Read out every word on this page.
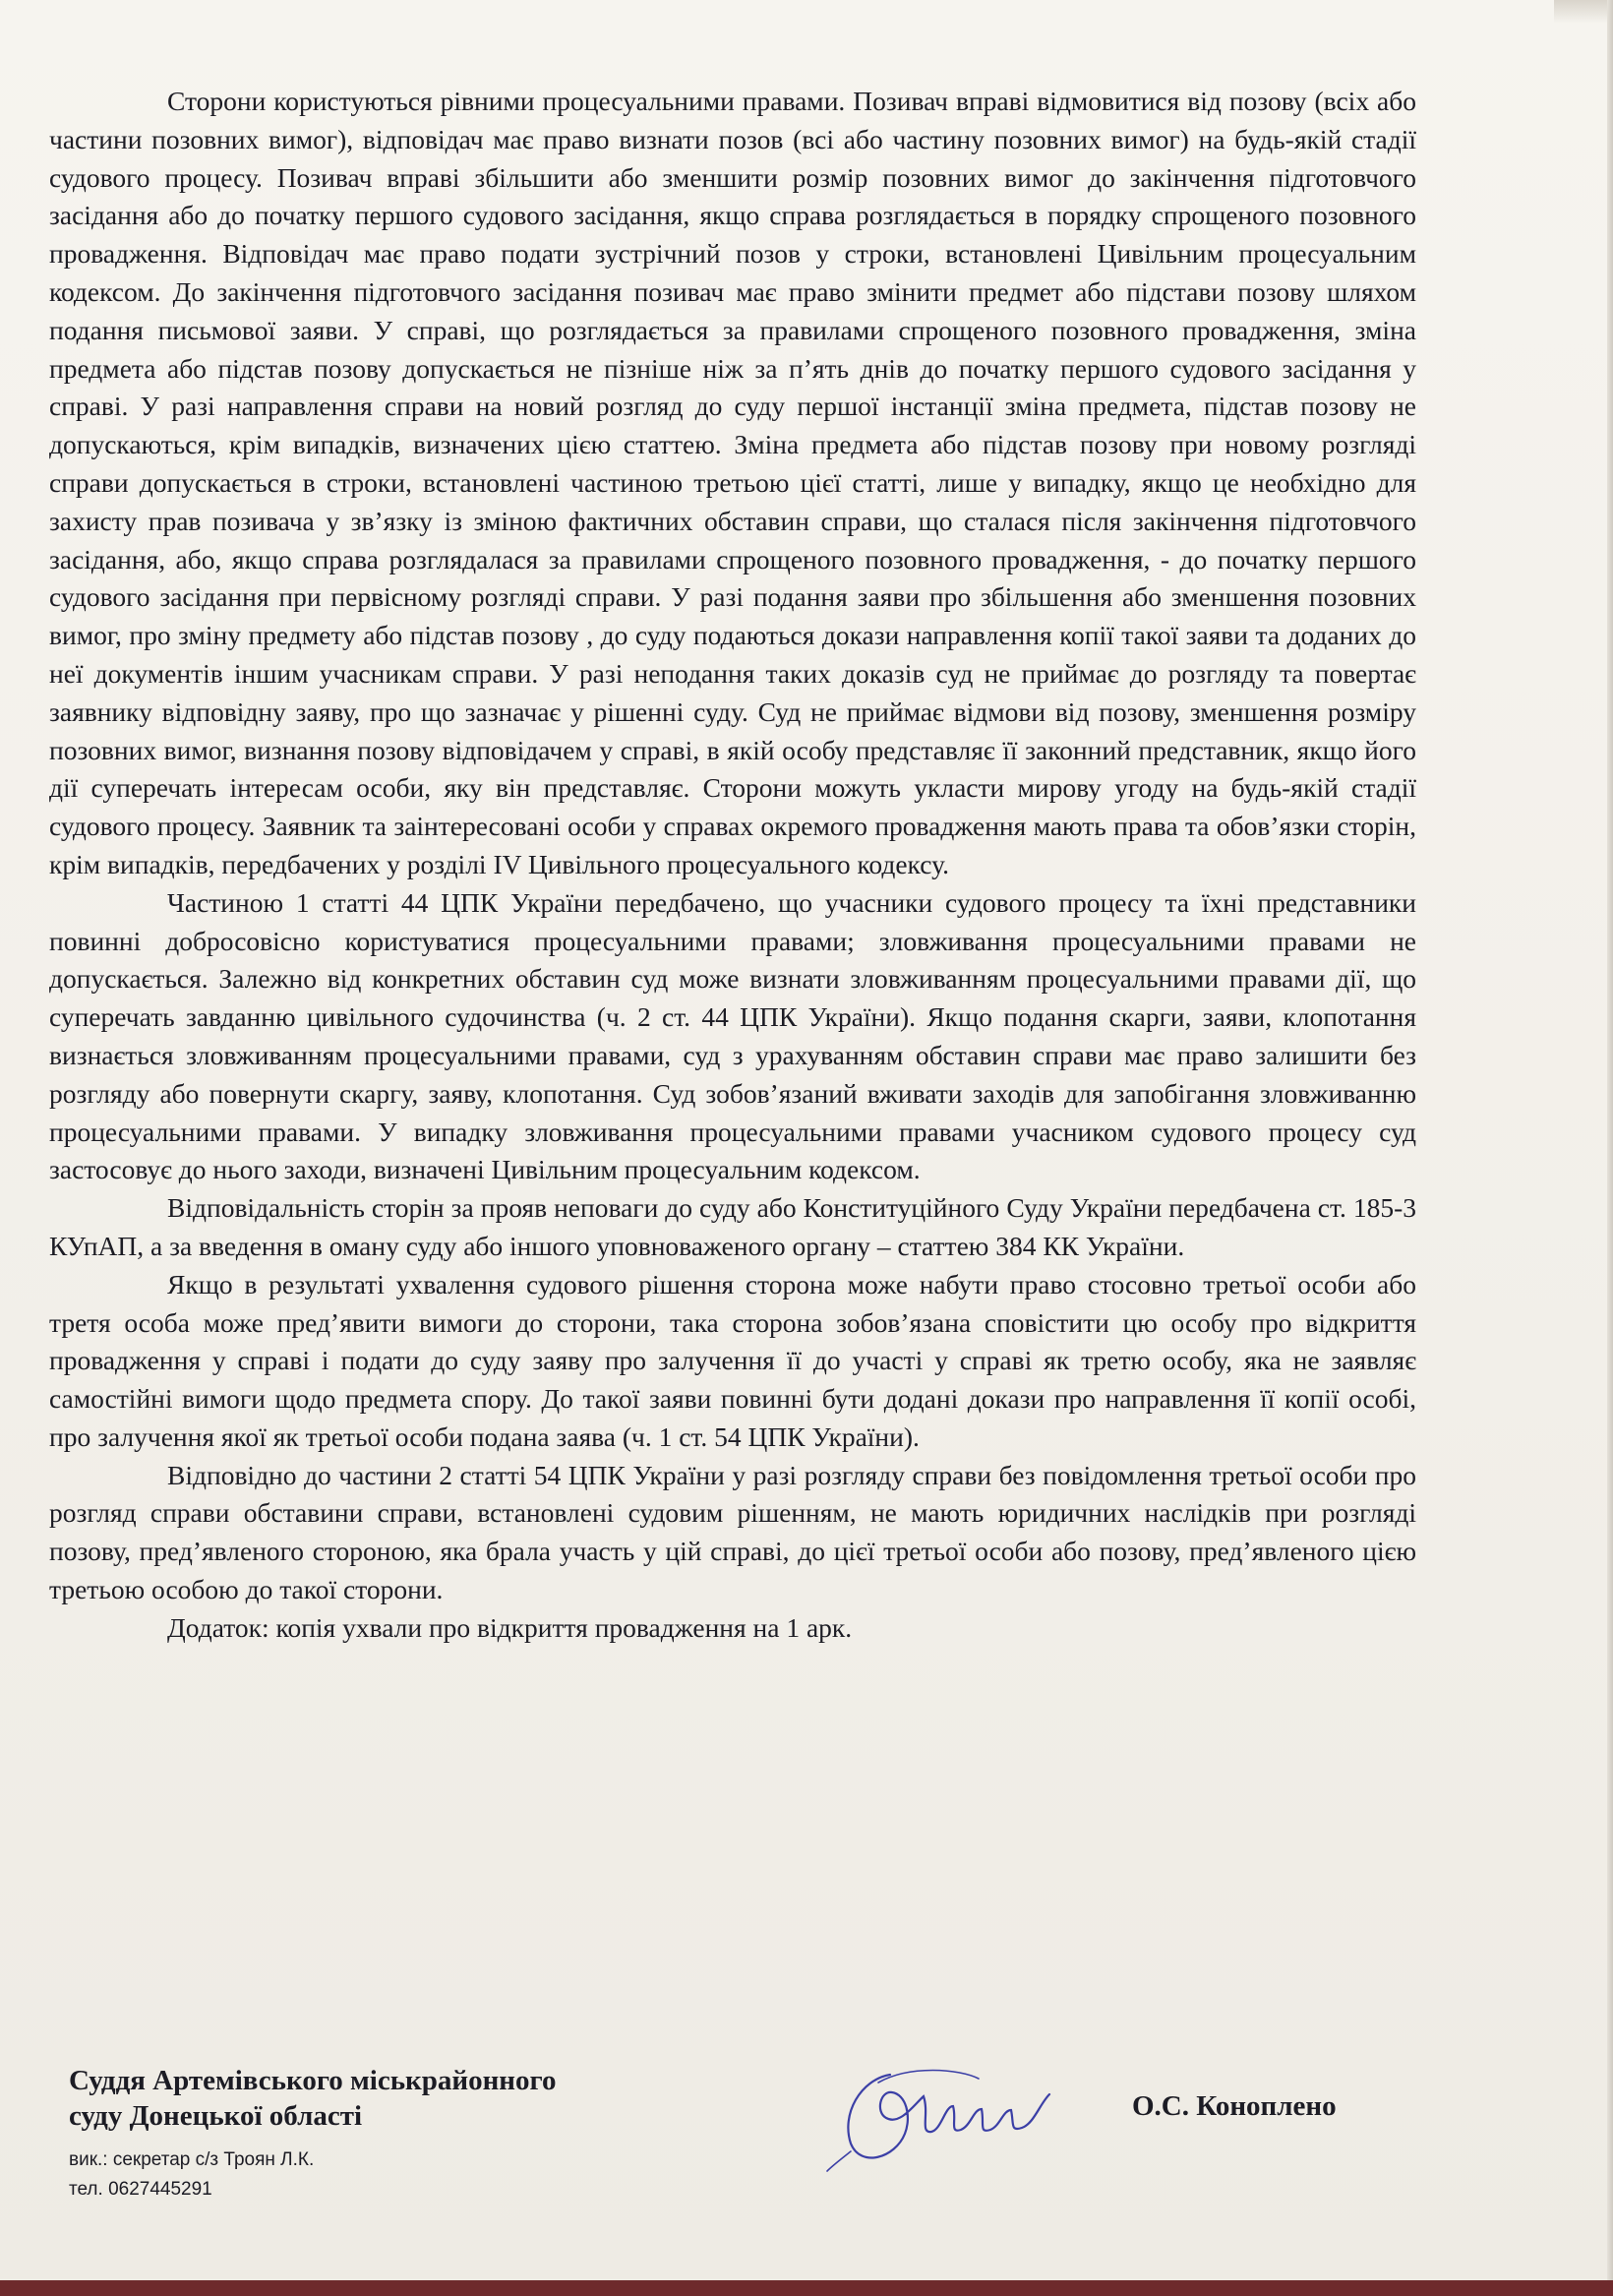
Сторони користуються рівними процесуальними правами. Позивач вправі відмовитися від позову (всіх або частини позовних вимог), відповідач має право визнати позов (всі або частину позовних вимог) на будь-якій стадії судового процесу. Позивач вправі збільшити або зменшити розмір позовних вимог до закінчення підготовчого засідання або до початку першого судового засідання, якщо справа розглядається в порядку спрощеного позовного провадження. Відповідач має право подати зустрічний позов у строки, встановлені Цивільним процесуальним кодексом. До закінчення підготовчого засідання позивач має право змінити предмет або підстави позову шляхом подання письмової заяви. У справі, що розглядається за правилами спрощеного позовного провадження, зміна предмета або підстав позову допускається не пізніше ніж за п’ять днів до початку першого судового засідання у справі. У разі направлення справи на новий розгляд до суду першої інстанції зміна предмета, підстав позову не допускаються, крім випадків, визначених цією статтею. Зміна предмета або підстав позову при новому розгляді справи допускається в строки, встановлені частиною третьою цієї статті, лише у випадку, якщо це необхідно для захисту прав позивача у зв’язку із зміною фактичних обставин справи, що сталася після закінчення підготовчого засідання, або, якщо справа розглядалася за правилами спрощеного позовного провадження, - до початку першого судового засідання при первісному розгляді справи. У разі подання заяви про збільшення або зменшення позовних вимог, про зміну предмету або підстав позову , до суду подаються докази направлення копії такої заяви та доданих до неї документів іншим учасникам справи. У разі неподання таких доказів суд не приймає до розгляду та повертає заявнику відповідну заяву, про що зазначає у рішенні суду. Суд не приймає відмови від позову, зменшення розміру позовних вимог, визнання позову відповідачем у справі, в якій особу представляє її законний представник, якщо його дії суперечать інтересам особи, яку він представляє. Сторони можуть укласти мирову угоду на будь-якій стадії судового процесу. Заявник та заінтересовані особи у справах окремого провадження мають права та обов’язки сторін, крім випадків, передбачених у розділі IV Цивільного процесуального кодексу.

Частиною 1 статті 44 ЦПК України передбачено, що учасники судового процесу та їхні представники повинні добросовісно користуватися процесуальними правами; зловживання процесуальними правами не допускається. Залежно від конкретних обставин суд може визнати зловживанням процесуальними правами дії, що суперечать завданню цивільного судочинства (ч. 2 ст. 44 ЦПК України). Якщо подання скарги, заяви, клопотання визнається зловживанням процесуальними правами, суд з урахуванням обставин справи має право залишити без розгляду або повернути скаргу, заяву, клопотання. Суд зобов’язаний вживати заходів для запобігання зловживанню процесуальними правами. У випадку зловживання процесуальними правами учасником судового процесу суд застосовує до нього заходи, визначені Цивільним процесуальним кодексом.

Відповідальність сторін за прояв неповаги до суду або Конституційного Суду України передбачена ст. 185-3 КУпАП, а за введення в оману суду або іншого уповноваженого органу – статтею 384 КК України.

Якщо в результаті ухвалення судового рішення сторона може набути право стосовно третьої особи або третя особа може пред’явити вимоги до сторони, така сторона зобов’язана сповістити цю особу про відкриття провадження у справі і подати до суду заяву про залучення її до участі у справі як третю особу, яка не заявляє самостійні вимоги щодо предмета спору. До такої заяви повинні бути додані докази про направлення її копії особі, про залучення якої як третьої особи подана заява (ч. 1 ст. 54 ЦПК України).

Відповідно до частини 2 статті 54 ЦПК України у разі розгляду справи без повідомлення третьої особи про розгляд справи обставини справи, встановлені судовим рішенням, не мають юридичних наслідків при розгляді позову, пред’явленого стороною, яка брала участь у цій справі, до цієї третьої особи або позову, пред’явленого цією третьою особою до такої сторони.

Додаток: копія ухвали про відкриття провадження на 1 арк.

Суддя Артемівського міськрайонного
суду Донецької області	О.С. Коноплено
вик.: секретар с/з Троян Л.К.
тел. 0627445291
